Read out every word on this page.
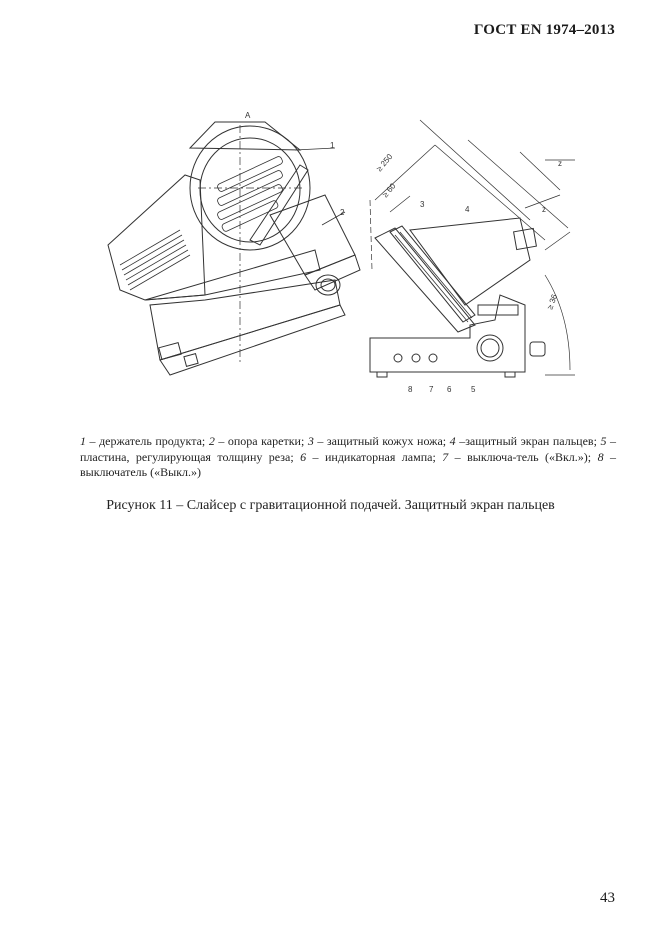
ГОСТ EN 1974–2013
A
1
2
3
4
5
6
7
8
≥ 250
≥ 60
z
z
≥ 36
1 – держатель продукта; 2 – опора каретки; 3 – защитный кожух ножа; 4 –защитный экран пальцев; 5 – пластина, регулирующая толщину реза; 6 – индикаторная лампа; 7 – выключа-тель («Вкл.»); 8 – выключатель («Выкл.»)
Рисунок 11 – Слайсер с гравитационной подачей. Защитный экран пальцев
43
